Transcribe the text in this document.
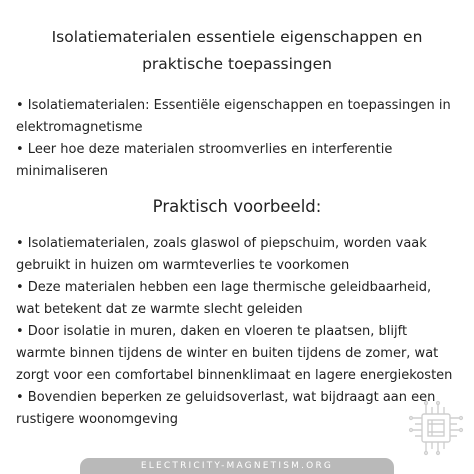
Isolatiematerialen essentiele eigenschappen en
praktische toepassingen

• Isolatiematerialen: Essentiële eigenschappen en toepassingen in elektromagnetisme

• Leer hoe deze materialen stroomverlies en interferentie minimaliseren

Praktisch voorbeeld:

• Isolatiematerialen, zoals glaswol of piepschuim, worden vaak gebruikt in huizen om warmteverlies te voorkomen

• Deze materialen hebben een lage thermische geleidbaarheid, wat betekent dat ze warmte slecht geleiden

• Door isolatie in muren, daken en vloeren te plaatsen, blijft warmte binnen tijdens de winter en buiten tijdens de zomer, wat zorgt voor een comfortabel binnenklimaat en lagere energiekosten

• Bovendien beperken ze geluidsoverlast, wat bijdraagt aan een rustigere woonomgeving

ELECTRICITY-MAGNETISM.ORG
